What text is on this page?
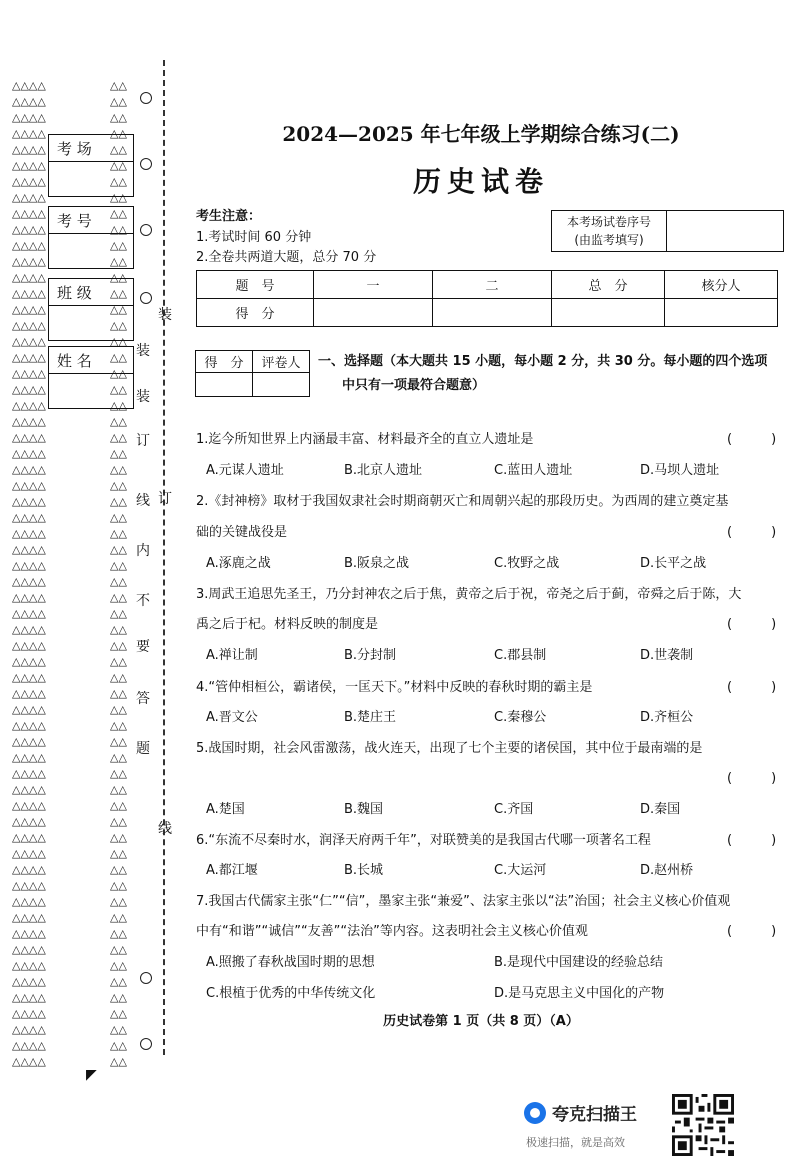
△△△△
△△△△
△△△△
△△△△
△△△△
△△△△
△△△△
△△△△
△△△△
△△△△
△△△△
△△△△
△△△△
△△△△
△△△△
△△△△
△△△△
△△△△
△△△△
△△△△
△△△△
△△△△
△△△△
△△△△
△△△△
△△△△
△△△△
△△△△
△△△△
△△△△
△△△△
△△△△
△△△△
△△△△
△△△△
△△△△
△△△△
△△△△
△△△△
△△△△
△△△△
△△△△
△△△△
△△△△
△△△△
△△△△
△△△△
△△△△
△△△△
△△△△
△△△△
△△△△
△△△△
△△△△
△△△△
△△△△
△△△△
△△△△
△△△△
△△△△
△△△△
△△△△

△△
△△
△△
△△
△△
△△
△△
△△
△△
△△
△△
△△
△△
△△
△△
△△
△△
△△
△△
△△
△△
△△
△△
△△
△△
△△
△△
△△
△△
△△
△△
△△
△△
△△
△△
△△
△△
△△
△△
△△
△△
△△
△△
△△
△△
△△
△△
△△
△△
△△
△△
△△
△△
△△
△△
△△
△△
△△
△△
△△
△△
△△

考 场
考 号
班 级
姓 名
装
订
线
装
装
订
线
内
不
要
答
题
2024—2025 年七年级上学期综合练习(二)
历史试卷
考生注意：
1.考试时间 60 分钟
2.全卷共两道大题，总分 70 分
本考场试卷序号
(由监考填写)

题　号	一	二	总　分	核分人
得　分				
得　分	评卷人
	一、选择题（本大题共 15 小题，每小题 2 分，共 30 分。每小题的四个选项
中只有一项最符合题意）
1.迄今所知世界上内涵最丰富、材料最齐全的直立人遗址是	(　　　)
A.元谋人遗址	B.北京人遗址	C.蓝田人遗址	D.马坝人遗址
2.《封神榜》取材于我国奴隶社会时期商朝灭亡和周朝兴起的那段历史。为西周的建立奠定基
础的关键战役是	(　　　)
A.涿鹿之战	B.阪泉之战	C.牧野之战	D.长平之战
3.周武王追思先圣王，乃分封神农之后于焦，黄帝之后于祝，帝尧之后于蓟，帝舜之后于陈，大
禹之后于杞。材料反映的制度是	(　　　)
A.禅让制	B.分封制	C.郡县制	D.世袭制
4.“管仲相桓公，霸诸侯，一匡天下。”材料中反映的春秋时期的霸主是	(　　　)
A.晋文公	B.楚庄王	C.秦穆公	D.齐桓公
5.战国时期，社会风雷激荡，战火连天，出现了七个主要的诸侯国，其中位于最南端的是
(　　　)
A.楚国	B.魏国	C.齐国	D.秦国
6.“东流不尽秦时水，润泽天府两千年”，对联赞美的是我国古代哪一项著名工程	(　　　)
A.都江堰	B.长城	C.大运河	D.赵州桥
7.我国古代儒家主张“仁”“信”，墨家主张“兼爱”、法家主张以“法”治国；社会主义核心价值观
中有“和谐”“诚信”“友善”“法治”等内容。这表明社会主义核心价值观	(　　　)
A.照搬了春秋战国时期的思想	B.是现代中国建设的经验总结
C.根植于优秀的中华传统文化	D.是马克思主义中国化的产物
历史试卷第 1 页（共 8 页）（A）
◤
夸克扫描王
极速扫描，就是高效
